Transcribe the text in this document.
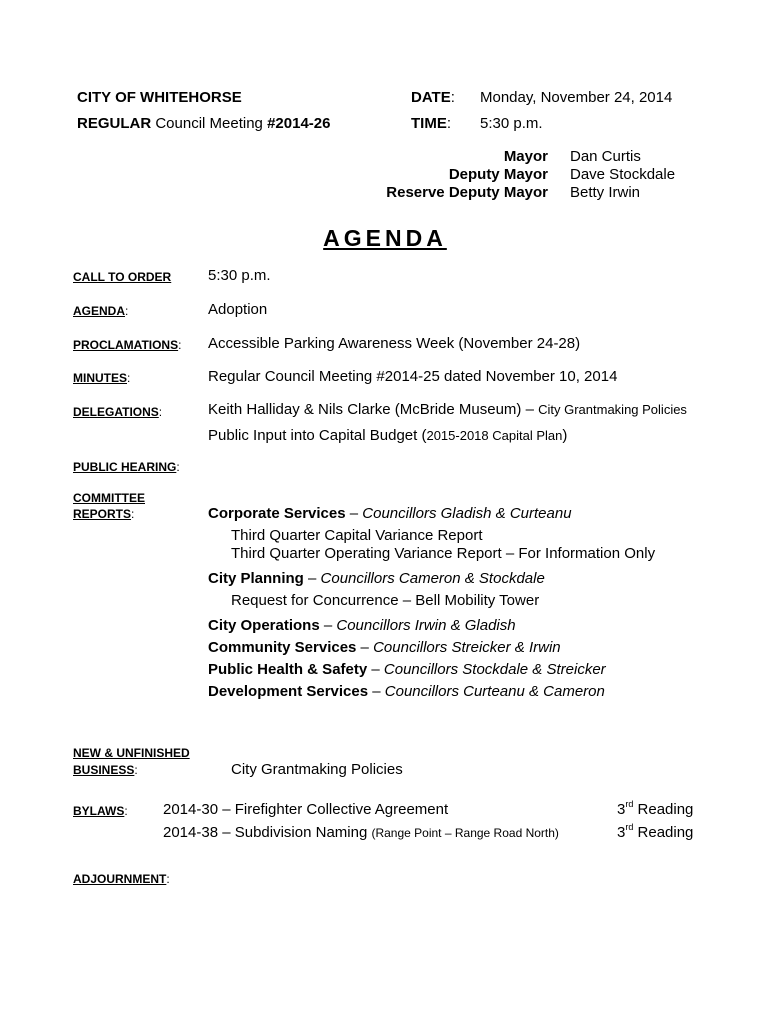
CITY OF WHITEHORSE
REGULAR Council Meeting #2014-26
DATE: Monday, November 24, 2014
TIME: 5:30 p.m.
Mayor Dan Curtis
Deputy Mayor Dave Stockdale
Reserve Deputy Mayor Betty Irwin
AGENDA
CALL TO ORDER 5:30 p.m.
AGENDA:	Adoption
PROCLAMATIONS: Accessible Parking Awareness Week (November 24-28)
MINUTES:	Regular Council Meeting #2014-25 dated November 10, 2014
DELEGATIONS:	Keith Halliday & Nils Clarke (McBride Museum) – City Grantmaking Policies
Public Input into Capital Budget (2015-2018 Capital Plan)
PUBLIC HEARING:
COMMITTEE
REPORTS:	Corporate Services – Councillors Gladish & Curteanu
Third Quarter Capital Variance Report
Third Quarter Operating Variance Report – For Information Only
City Planning – Councillors Cameron & Stockdale
Request for Concurrence – Bell Mobility Tower
City Operations – Councillors Irwin & Gladish
Community Services – Councillors Streicker & Irwin
Public Health & Safety – Councillors Stockdale & Streicker
Development Services – Councillors Curteanu & Cameron
NEW & UNFINISHED
BUSINESS:	City Grantmaking Policies
BYLAWS: 2014-30 – Firefighter Collective Agreement	3rd Reading
2014-38 – Subdivision Naming (Range Point – Range Road North)	3rd Reading
ADJOURNMENT:
